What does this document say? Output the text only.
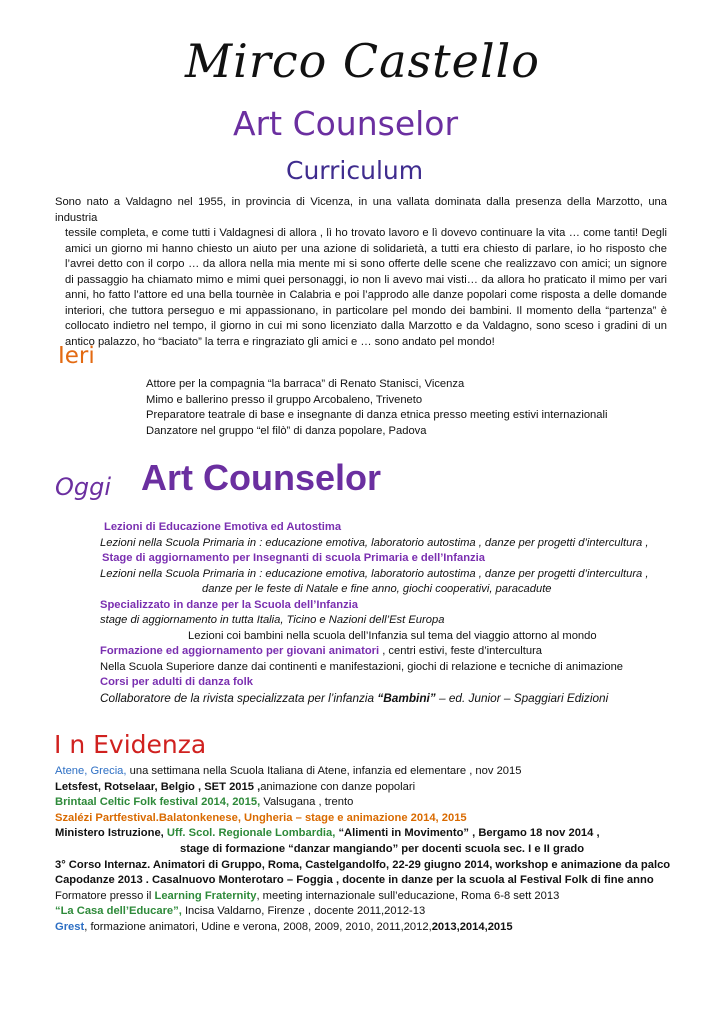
Mirco Castello
Art Counselor
Curriculum
Sono nato a Valdagno nel 1955, in provincia di Vicenza, in una vallata dominata dalla presenza della Marzotto, una industria
tessile completa, e come tutti i Valdagnesi di allora , lì ho trovato lavoro e lì dovevo continuare la vita … come tanti! Degli amici un giorno mi hanno chiesto un aiuto per una azione di solidarietà, a tutti era chiesto di parlare, io ho risposto che l’avrei detto con il corpo … da allora nella mia mente mi si sono offerte delle scene che realizzavo con amici; un signore di passaggio ha chiamato mimo e mimi quei personaggi, io non li avevo mai visti… da allora ho praticato il mimo per vari anni, ho fatto l’attore ed una bella tournèe in Calabria e poi l’approdo alle danze popolari come risposta a delle domande interiori, che tuttora perseguo e mi appassionano, in particolare pel mondo dei bambini. Il momento della “partenza” è collocato indietro nel tempo, il giorno in cui mi sono licenziato dalla Marzotto e da Valdagno, sono sceso i gradini di un antico palazzo, ho “baciato” la terra e ringraziato gli amici e … sono andato pel mondo!
Ieri
Attore per la compagnia “la barraca” di Renato Stanisci, Vicenza
Mimo e ballerino presso il gruppo Arcobaleno, Triveneto
Preparatore teatrale di base e insegnante di danza etnica presso meeting estivi internazionali
Danzatore nel gruppo “el filò” di danza popolare, Padova
Oggi Art Counselor
Lezioni di Educazione Emotiva ed Autostima
Lezioni nella Scuola Primaria in : educazione emotiva, laboratorio autostima , danze per progetti d’intercultura ,
Stage di aggiornamento per Insegnanti di scuola Primaria e dell’Infanzia
Lezioni nella Scuola Primaria in : educazione emotiva, laboratorio autostima , danze per progetti d’intercultura ,
danze per le feste di Natale e fine anno, giochi cooperativi, paracadute
Specializzato in danze per la Scuola dell’Infanzia
stage di aggiornamento in tutta Italia, Ticino e Nazioni dell’Est Europa
Lezioni coi bambini nella scuola dell’Infanzia sul tema del viaggio attorno al mondo
Formazione ed aggiornamento per giovani animatori , centri estivi, feste d’intercultura
Nella Scuola Superiore danze dai continenti e manifestazioni, giochi di relazione e tecniche di animazione
Corsi per adulti di danza folk
Collaboratore de la rivista specializzata per l’infanzia “Bambini” – ed. Junior – Spaggiari Edizioni
I n Evidenza
Atene, Grecia, una settimana nella Scuola Italiana di Atene, infanzia ed elementare , nov 2015
Letsfest, Rotselaar, Belgio , SET 2015 ,animazione con danze popolari
Brintaal Celtic Folk festival 2014, 2015, Valsugana , trento
Szalézi Partfestival.Balatonkenese, Ungheria – stage e animazione 2014, 2015
Ministero Istruzione, Uff. Scol. Regionale Lombardia, “Alimenti in Movimento” , Bergamo 18 nov 2014 ,
stage di formazione “danzar mangiando” per docenti scuola sec. I e II grado
3° Corso Internaz. Animatori di Gruppo, Roma, Castelgandolfo, 22-29 giugno 2014, workshop e animazione da palco
Capodanze 2013 . Casalnuovo Monterotaro – Foggia , docente in danze per la scuola al Festival Folk di fine anno
Formatore presso il Learning Fraternity, meeting internazionale sull’educazione, Roma 6-8 sett 2013
“La Casa dell’Educare”, Incisa Valdarno, Firenze , docente 2011,2012-13
Grest, formazione animatori, Udine e verona, 2008, 2009, 2010, 2011,2012,2013,2014,2015
